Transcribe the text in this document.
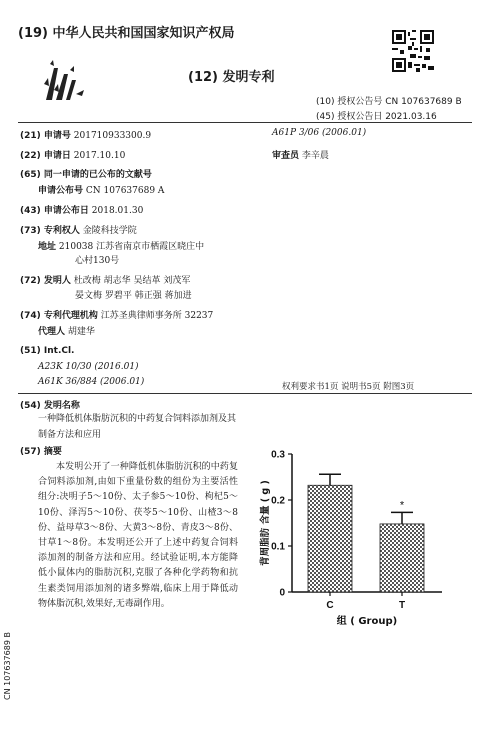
(19) 中华人民共和国国家知识产权局
(12) 发明专利
(10) 授权公告号 CN 107637689 B
(45) 授权公告日 2021.03.16
(21) 申请号 201710933300.9
(22) 申请日 2017.10.10
(65) 同一申请的已公布的文献号
申请公布号 CN 107637689 A
(43) 申请公布日 2018.01.30
(73) 专利权人 金陵科技学院
地址 210038 江苏省南京市栖霞区晓庄中
心村130号
(72) 发明人 杜改梅 胡志华 吴结革 刘茂军
晏文梅 罗碧平 韩正强 蒋加进
(74) 专利代理机构 江苏圣典律师事务所 32237
代理人 胡建华
(51) Int.Cl.
A23K 10/30 (2016.01)
A61K 36/884 (2006.01)
A61P 3/06 (2006.01)
审查员 李辛晨
权利要求书1页 说明书5页 附图3页
(54) 发明名称
一种降低机体脂肪沉积的中药复合饲料添加剂及其制备方法和应用
(57) 摘要
本发明公开了一种降低机体脂肪沉积的中药复合饲料添加剂,由如下重量份数的组份为主要活性组分:决明子5～10份、太子参5～10份、枸杞5～10份、泽泻5～10份、茯苓5～10份、山楂3～8份、益母草3～8份、大黄3～8份、青皮3～8份、甘草1～8份。本发明还公开了上述中药复合饲料添加剂的制备方法和应用。经试验证明,本方能降低小鼠体内的脂肪沉积,克服了各种化学药物和抗生素类饲用添加剂的诸多弊端,临床上用于降低动物体脂沉积,效果好,无毒副作用。
CN 107637689 B
0
0.1
0.2
0.3
C	T
*
组 ( Group)
背周脂肪 含量 ( g )
